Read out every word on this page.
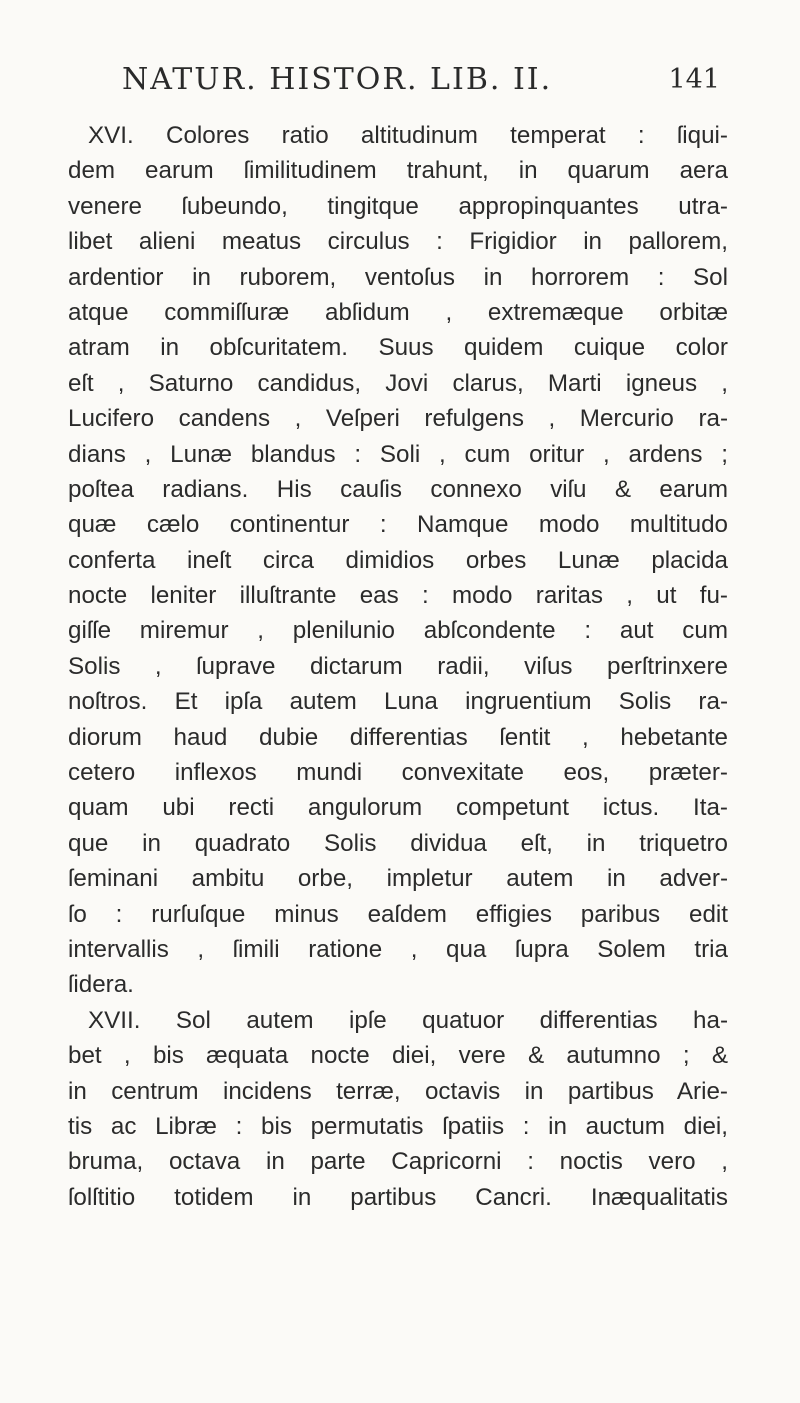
NATUR. HISTOR. LIB. II.	141
XVI. Colores ratio altitudinum temperat : ſiqui-
dem earum ſimilitudinem trahunt, in quarum aera
venere ſubeundo, tingitque appropinquantes utra-
libet alieni meatus circulus : Frigidior in pallorem,
ardentior in ruborem, ventoſus in horrorem : Sol
atque commiſſuræ abſidum , extremæque orbitæ
atram in obſcuritatem. Suus quidem cuique color
eſt , Saturno candidus, Jovi clarus, Marti igneus ,
Lucifero candens , Veſperi refulgens , Mercurio ra-
dians , Lunæ blandus : Soli , cum oritur , ardens ;
poſtea radians. His cauſis connexo viſu & earum
quæ cælo continentur : Namque modo multitudo
conferta ineſt circa dimidios orbes Lunæ placida
nocte leniter illuſtrante eas : modo raritas , ut fu-
giſſe miremur , plenilunio abſcondente : aut cum
Solis , ſuprave dictarum radii, viſus perſtrinxere
noſtros. Et ipſa autem Luna ingruentium Solis ra-
diorum haud dubie differentias ſentit , hebetante
cetero inflexos mundi convexitate eos, præter-
quam ubi recti angulorum competunt ictus. Ita-
que in quadrato Solis dividua eſt, in triquetro
ſeminani ambitu orbe, impletur autem in adver-
ſo : rurſuſque minus eaſdem effigies paribus edit
intervallis , ſimili ratione , qua ſupra Solem tria
ſidera.
XVII. Sol autem ipſe quatuor differentias ha-
bet , bis æquata nocte diei, vere & autumno ; &
in centrum incidens terræ, octavis in partibus Arie-
tis ac Libræ : bis permutatis ſpatiis : in auctum diei,
bruma, octava in parte Capricorni : noctis vero ,
ſolſtitio totidem in partibus Cancri. Inæqualitatis
